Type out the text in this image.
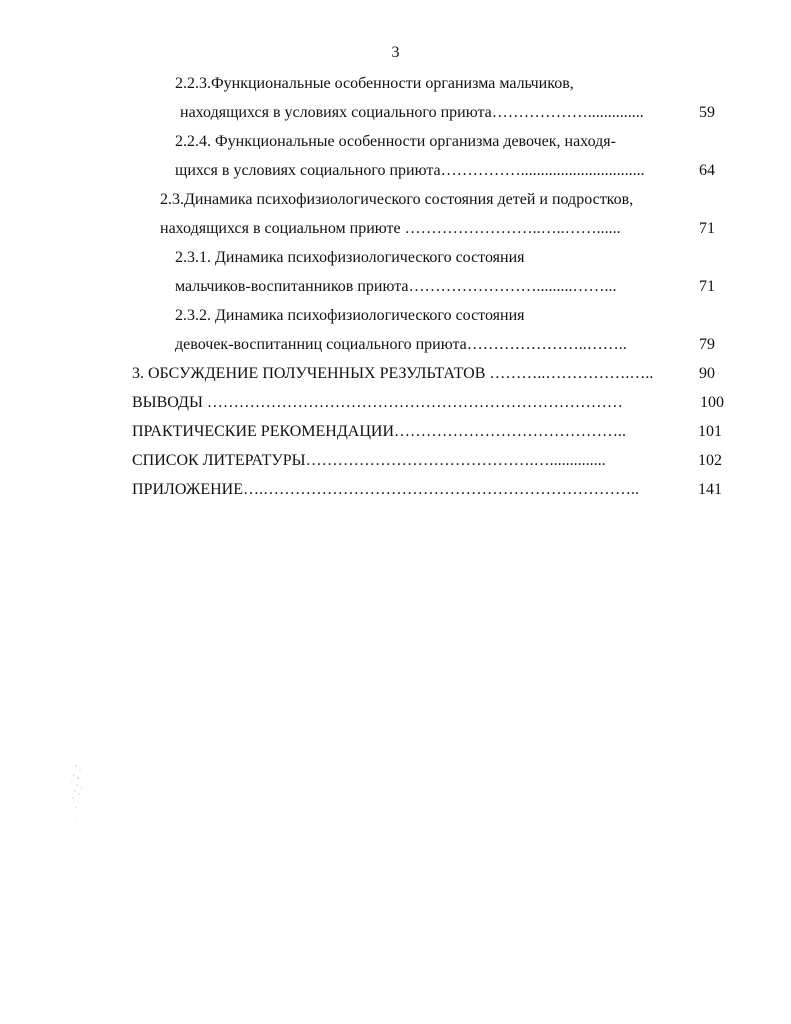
3
2.2.3.Функциональные особенности организма мальчиков,
находящихся в условиях социального приюта………………..............	59
2.2.4. Функциональные особенности организма девочек, находя-
щихся в условиях социального приюта……………...............................	64
2.3.Динамика психофизиологического состояния детей и подростков,
находящихся в социальном приюте ……………………..…..……......	71
2.3.1. Динамика психофизиологического состояния
мальчиков-воспитанников приюта…………………….........……...	71
2.3.2. Динамика психофизиологического состояния
девочек-воспитанниц социального приюта…………………..……..	79
3. ОБСУЖДЕНИЕ ПОЛУЧЕННЫХ РЕЗУЛЬТАТОВ ………..…………….…..	90
ВЫВОДЫ ……………………………………………………………………	100
ПРАКТИЧЕСКИЕ РЕКОМЕНДАЦИИ……………………………………..	101
СПИСОК ЛИТЕРАТУРЫ…………………………………….…..............	102
ПРИЛОЖЕНИЕ….……………………………………………………………..	141
